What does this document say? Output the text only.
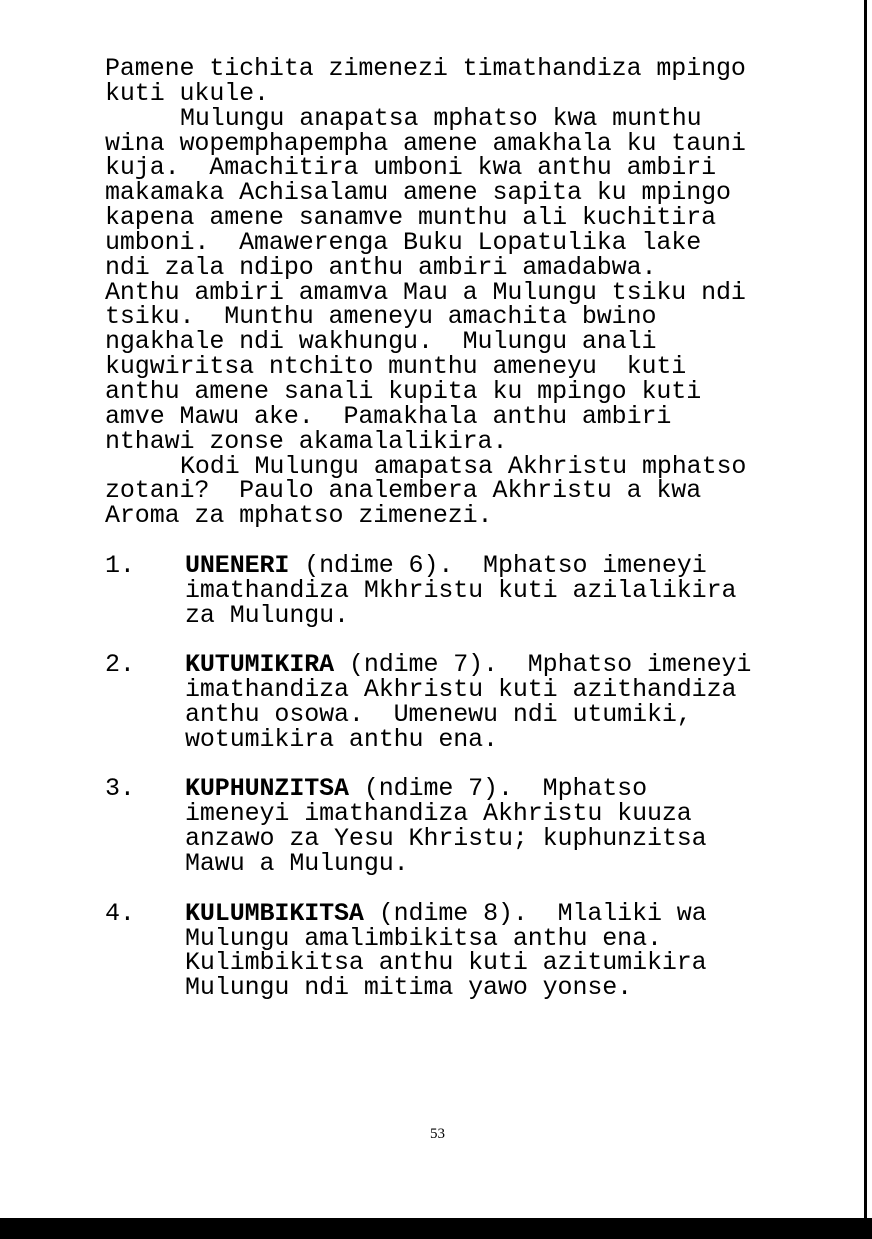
Pamene tichita zimenezi timathandiza mpingo
kuti ukule.
Mulungu anapatsa mphatso kwa munthu
wina wopemphapempha amene amakhala ku tauni
kuja.  Amachitira umboni kwa anthu ambiri
makamaka Achisalamu amene sapita ku mpingo
kapena amene sanamve munthu ali kuchitira
umboni.  Amawerenga Buku Lopatulika lake
ndi zala ndipo anthu ambiri amadabwa.
Anthu ambiri amamva Mau a Mulungu tsiku ndi
tsiku.  Munthu ameneyu amachita bwino
ngakhale ndi wakhungu.  Mulungu anali
kugwiritsa ntchito munthu ameneyu  kuti
anthu amene sanali kupita ku mpingo kuti
amve Mawu ake.  Pamakhala anthu ambiri
nthawi zonse akamalalikira.
Kodi Mulungu amapatsa Akhristu mphatso
zotani?  Paulo analembera Akhristu a kwa
Aroma za mphatso zimenezi.
1.	UNENERI (ndime 6).  Mphatso imeneyi
imathandiza Mkhristu kuti azilalikira
za Mulungu.
2.	KUTUMIKIRA (ndime 7).  Mphatso imeneyi
imathandiza Akhristu kuti azithandiza
anthu osowa.  Umenewu ndi utumiki,
wotumikira anthu ena.
3.	KUPHUNZITSA (ndime 7).  Mphatso
imeneyi imathandiza Akhristu kuuza
anzawo za Yesu Khristu; kuphunzitsa
Mawu a Mulungu.
4.	KULUMBIKITSA (ndime 8).  Mlaliki wa
Mulungu amalimbikitsa anthu ena.
Kulimbikitsa anthu kuti azitumikira
Mulungu ndi mitima yawo yonse.
53
